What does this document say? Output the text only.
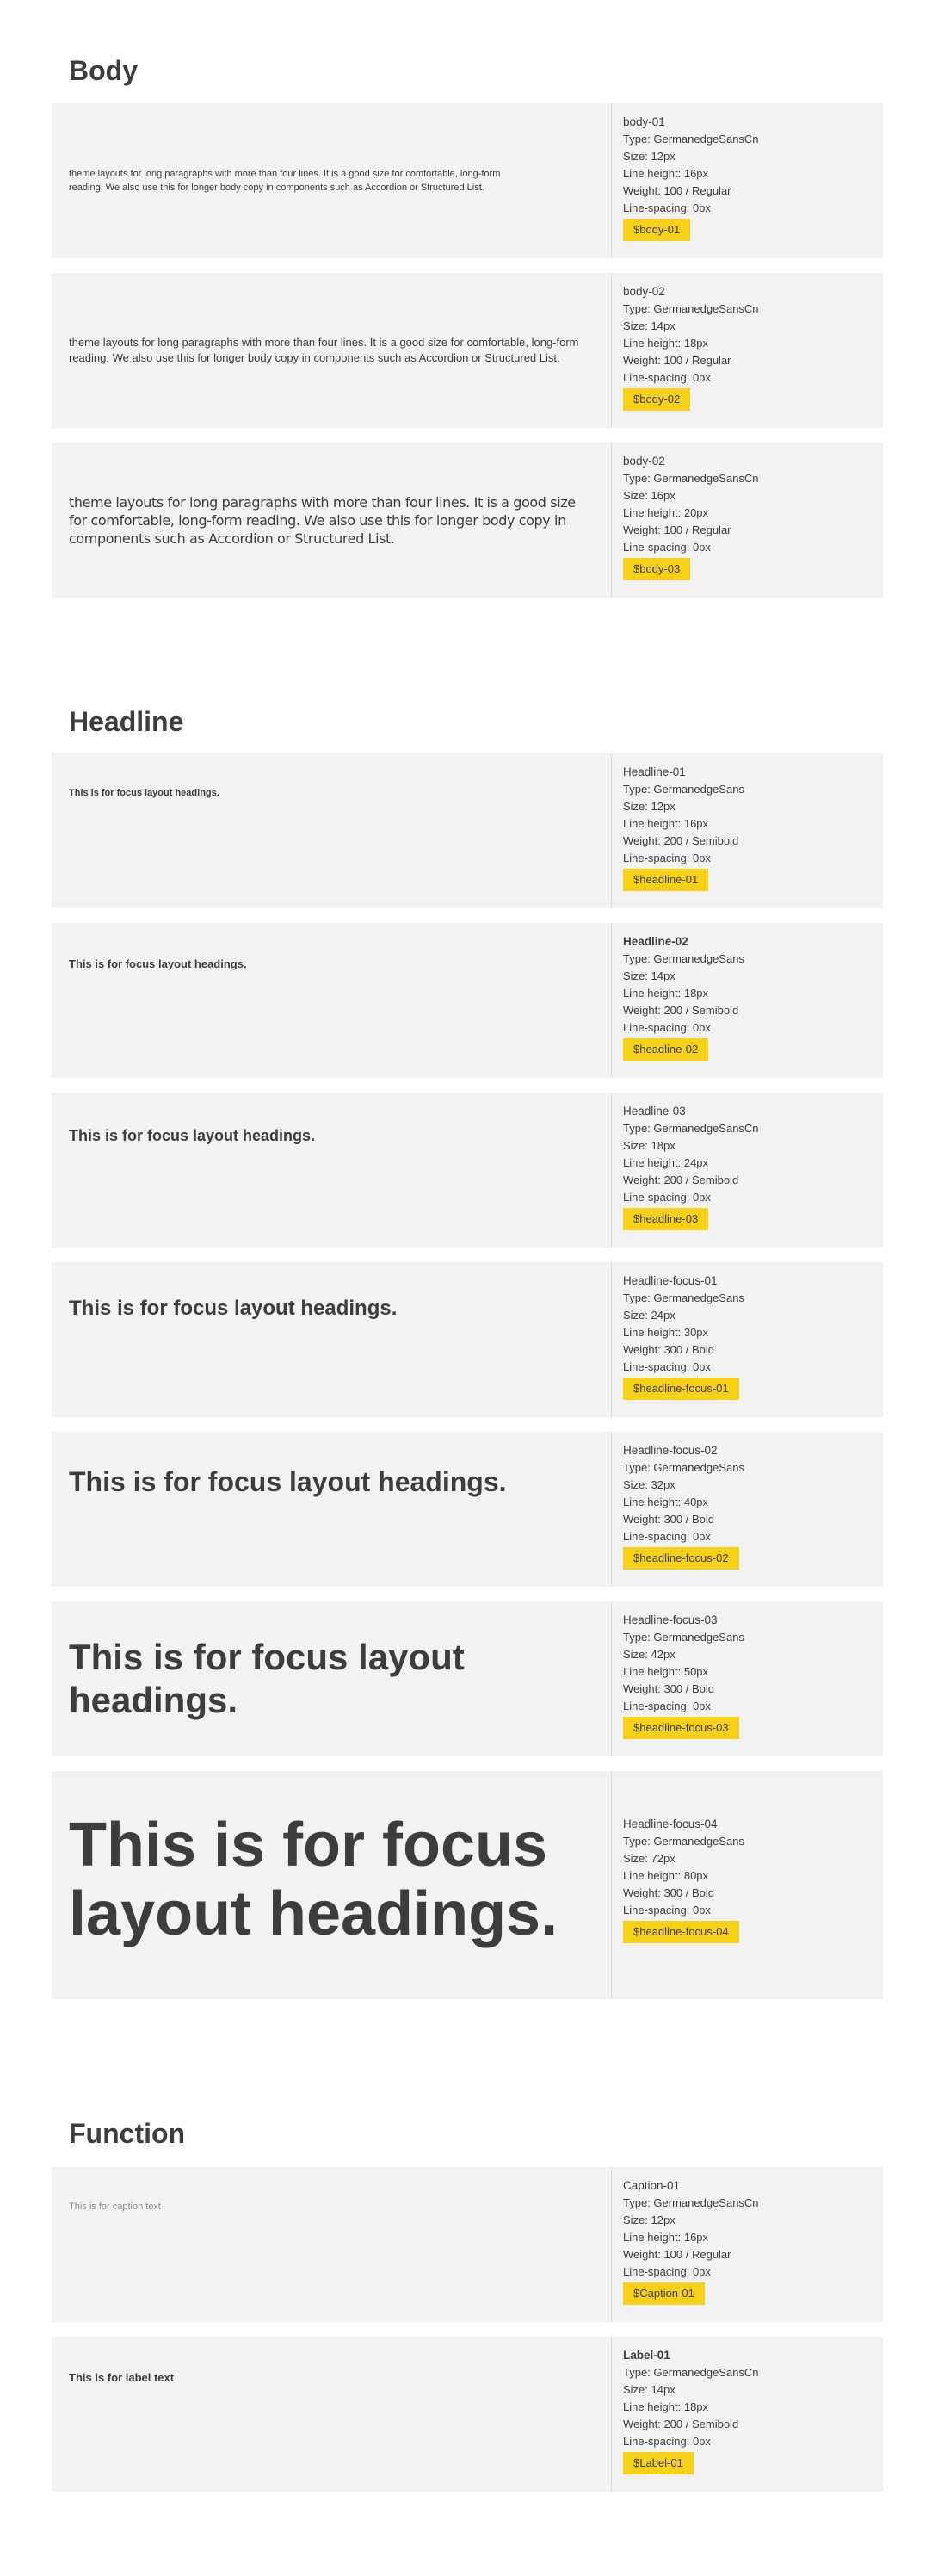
Body
theme layouts for long paragraphs with more than four lines. It is a good size for comfortable, long-form reading. We also use this for longer body copy in components such as Accordion or Structured List.
body-01
Type: GermanedgeSansCn
Size: 12px
Line height: 16px
Weight: 100 / Regular
Line-spacing: 0px
$body-01
theme layouts for long paragraphs with more than four lines. It is a good size for comfortable, long-form reading. We also use this for longer body copy in components such as Accordion or Structured List.
body-02
Type: GermanedgeSansCn
Size: 14px
Line height: 18px
Weight: 100 / Regular
Line-spacing: 0px
$body-02
theme layouts for long paragraphs with more than four lines. It is a good size for comfortable, long-form reading. We also use this for longer body copy in components such as Accordion or Structured List.
body-02
Type: GermanedgeSansCn
Size: 16px
Line height: 20px
Weight: 100 / Regular
Line-spacing: 0px
$body-03
Headline
This is for focus layout headings.
Headline-01
Type: GermanedgeSans
Size: 12px
Line height: 16px
Weight: 200 / Semibold
Line-spacing: 0px
$headline-01
This is for focus layout headings.
Headline-02
Type: GermanedgeSans
Size: 14px
Line height: 18px
Weight: 200 / Semibold
Line-spacing: 0px
$headline-02
This is for focus layout headings.
Headline-03
Type: GermanedgeSansCn
Size: 18px
Line height: 24px
Weight: 200 / Semibold
Line-spacing: 0px
$headline-03
This is for focus layout headings.
Headline-focus-01
Type: GermanedgeSans
Size: 24px
Line height: 30px
Weight: 300 / Bold
Line-spacing: 0px
$headline-focus-01
This is for focus layout headings.
Headline-focus-02
Type: GermanedgeSans
Size: 32px
Line height: 40px
Weight: 300 / Bold
Line-spacing: 0px
$headline-focus-02
This is for focus layout headings.
Headline-focus-03
Type: GermanedgeSans
Size: 42px
Line height: 50px
Weight: 300 / Bold
Line-spacing: 0px
$headline-focus-03
This is for focus layout headings.
Headline-focus-04
Type: GermanedgeSans
Size: 72px
Line height: 80px
Weight: 300 / Bold
Line-spacing: 0px
$headline-focus-04
Function
This is for caption text
Caption-01
Type: GermanedgeSansCn
Size: 12px
Line height: 16px
Weight: 100 / Regular
Line-spacing: 0px
$Caption-01
This is for label text
Label-01
Type: GermanedgeSansCn
Size: 14px
Line height: 18px
Weight: 200 / Semibold
Line-spacing: 0px
$Label-01
